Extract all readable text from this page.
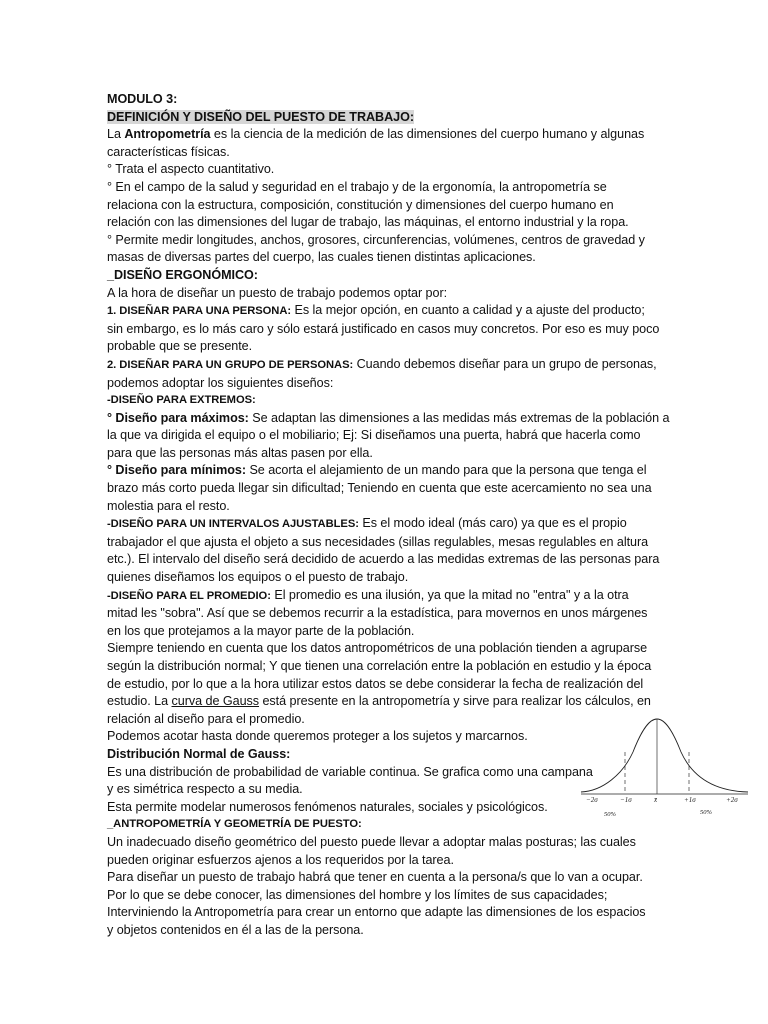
MODULO 3:
DEFINICIÓN Y DISEÑO DEL PUESTO DE TRABAJO:
La Antropometría es la ciencia de la medición de las dimensiones del cuerpo humano y algunas
características físicas.
° Trata el aspecto cuantitativo.
° En el campo de la salud y seguridad en el trabajo y de la ergonomía, la antropometría se
relaciona con la estructura, composición, constitución y dimensiones del cuerpo humano en
relación con las dimensiones del lugar de trabajo, las máquinas, el entorno industrial y la ropa.
° Permite medir longitudes, anchos, grosores, circunferencias, volúmenes, centros de gravedad y
masas de diversas partes del cuerpo, las cuales tienen distintas aplicaciones.
_DISEÑO ERGONÓMICO:
A la hora de diseñar un puesto de trabajo podemos optar por:
1. DISEÑAR PARA UNA PERSONA: Es la mejor opción, en cuanto a calidad y a ajuste del producto;
sin embargo, es lo más caro y sólo estará justificado en casos muy concretos. Por eso es muy poco
probable que se presente.
2. DISEÑAR PARA UN GRUPO DE PERSONAS: Cuando debemos diseñar para un grupo de personas,
podemos adoptar los siguientes diseños:
-DISEÑO PARA EXTREMOS:
° Diseño para máximos: Se adaptan las dimensiones a las medidas más extremas de la población a
la que va dirigida el equipo o el mobiliario; Ej: Si diseñamos una puerta, habrá que hacerla como
para que las personas más altas pasen por ella.
° Diseño para mínimos: Se acorta el alejamiento de un mando para que la persona que tenga el
brazo más corto pueda llegar sin dificultad; Teniendo en cuenta que este acercamiento no sea una
molestia para el resto.
-DISEÑO PARA UN INTERVALOS AJUSTABLES: Es el modo ideal (más caro) ya que es el propio
trabajador el que ajusta el objeto a sus necesidades (sillas regulables, mesas regulables en altura
etc.). El intervalo del diseño será decidido de acuerdo a las medidas extremas de las personas para
quienes diseñamos los equipos o el puesto de trabajo.
-DISEÑO PARA EL PROMEDIO: El promedio es una ilusión, ya que la mitad no "entra" y a la otra
mitad les "sobra". Así que se debemos recurrir a la estadística, para movernos en unos márgenes
en los que protejamos a la mayor parte de la población.
Siempre teniendo en cuenta que los datos antropométricos de una población tienden a agruparse
según la distribución normal; Y que tienen una correlación entre la población en estudio y la época
de estudio, por lo que a la hora utilizar estos datos se debe considerar la fecha de realización del
estudio. La curva de Gauss está presente en la antropometría y sirve para realizar los cálculos, en
relación al diseño para el promedio.
Podemos acotar hasta donde queremos proteger a los sujetos y marcarnos.
Distribución Normal de Gauss:
Es una distribución de probabilidad de variable continua. Se grafica como una campana
y es simétrica respecto a su media.
Esta permite modelar numerosos fenómenos naturales, sociales y psicológicos.
_ANTROPOMETRÍA Y GEOMETRÍA DE PUESTO:
Un inadecuado diseño geométrico del puesto puede llevar a adoptar malas posturas; las cuales
pueden originar esfuerzos ajenos a los requeridos por la tarea.
Para diseñar un puesto de trabajo habrá que tener en cuenta a la persona/s que lo van a ocupar.
Por lo que se debe conocer, las dimensiones del hombre y los límites de sus capacidades;
Interviniendo la Antropometría para crear un entorno que adapte las dimensiones de los espacios
y objetos contenidos en él a las de la persona.
−2σ	−1σ	x̄	+1σ	+2σ
50%	50%
